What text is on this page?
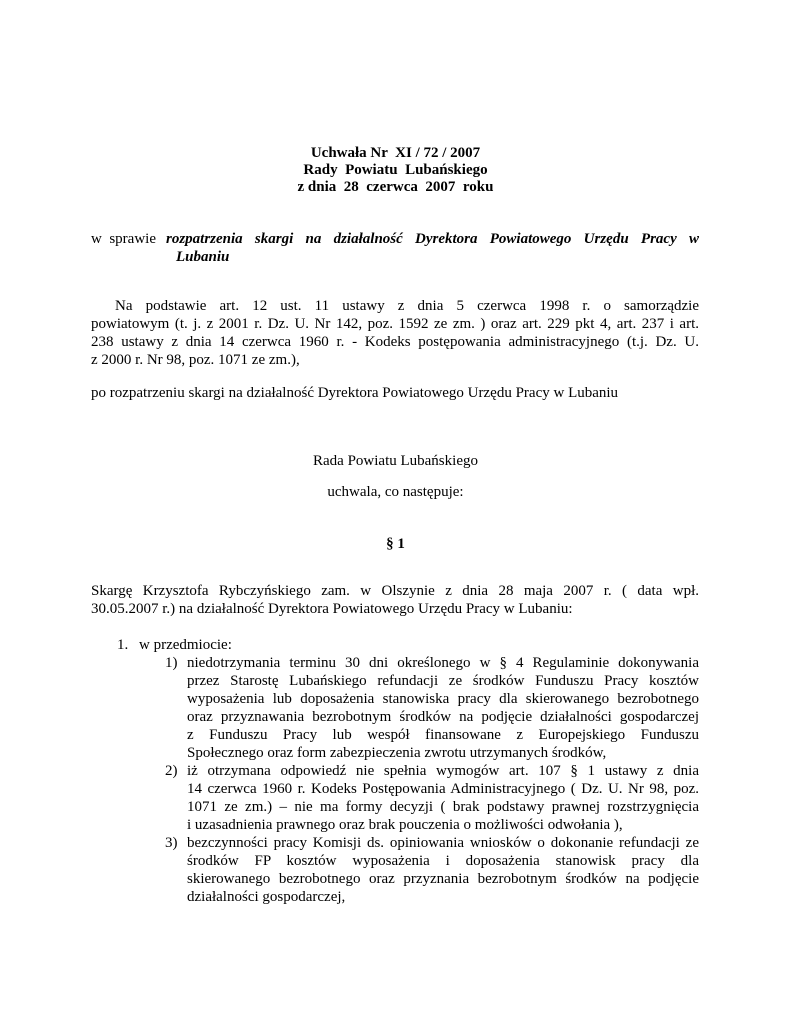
Uchwała Nr  XI / 72 / 2007
Rady  Powiatu  Lubańskiego
z dnia  28  czerwca  2007  roku
w  sprawie rozpatrzenia skargi na działalność Dyrektora Powiatowego Urzędu Pracy w
Lubaniu
Na podstawie art. 12 ust. 11 ustawy z dnia 5 czerwca 1998 r. o samorządzie
powiatowym (t. j. z 2001 r. Dz. U. Nr 142, poz. 1592 ze zm. ) oraz art. 229 pkt 4, art. 237 i art.
238 ustawy z dnia 14 czerwca 1960 r. - Kodeks postępowania administracyjnego (t.j. Dz. U.
z 2000 r. Nr 98, poz. 1071 ze zm.),
po rozpatrzeniu skargi na działalność Dyrektora Powiatowego Urzędu Pracy w Lubaniu
Rada Powiatu Lubańskiego
uchwala, co następuje:
§ 1
Skargę Krzysztofa Rybczyńskiego zam. w Olszynie z dnia 28 maja 2007 r. ( data wpł.
30.05.2007 r.) na działalność Dyrektora Powiatowego Urzędu Pracy w Lubaniu:
1. w przedmiocie:
1) niedotrzymania terminu 30 dni określonego w § 4 Regulaminie dokonywania
przez Starostę Lubańskiego refundacji ze środków Funduszu Pracy kosztów
wyposażenia lub doposażenia stanowiska pracy dla skierowanego bezrobotnego
oraz przyznawania bezrobotnym środków na podjęcie działalności gospodarczej
z Funduszu Pracy lub wespół finansowane z Europejskiego Funduszu
Społecznego oraz form zabezpieczenia zwrotu utrzymanych środków,
2) iż otrzymana odpowiedź nie spełnia wymogów art. 107 § 1 ustawy z dnia
14 czerwca 1960 r. Kodeks Postępowania Administracyjnego ( Dz. U. Nr 98, poz.
1071 ze zm.) – nie ma formy decyzji ( brak podstawy prawnej rozstrzygnięcia
i uzasadnienia prawnego oraz brak pouczenia o możliwości odwołania ),
3) bezczynności pracy Komisji ds. opiniowania wniosków o dokonanie refundacji ze
środków FP kosztów wyposażenia i doposażenia stanowisk pracy dla
skierowanego bezrobotnego oraz przyznania bezrobotnym środków na podjęcie
działalności gospodarczej,
